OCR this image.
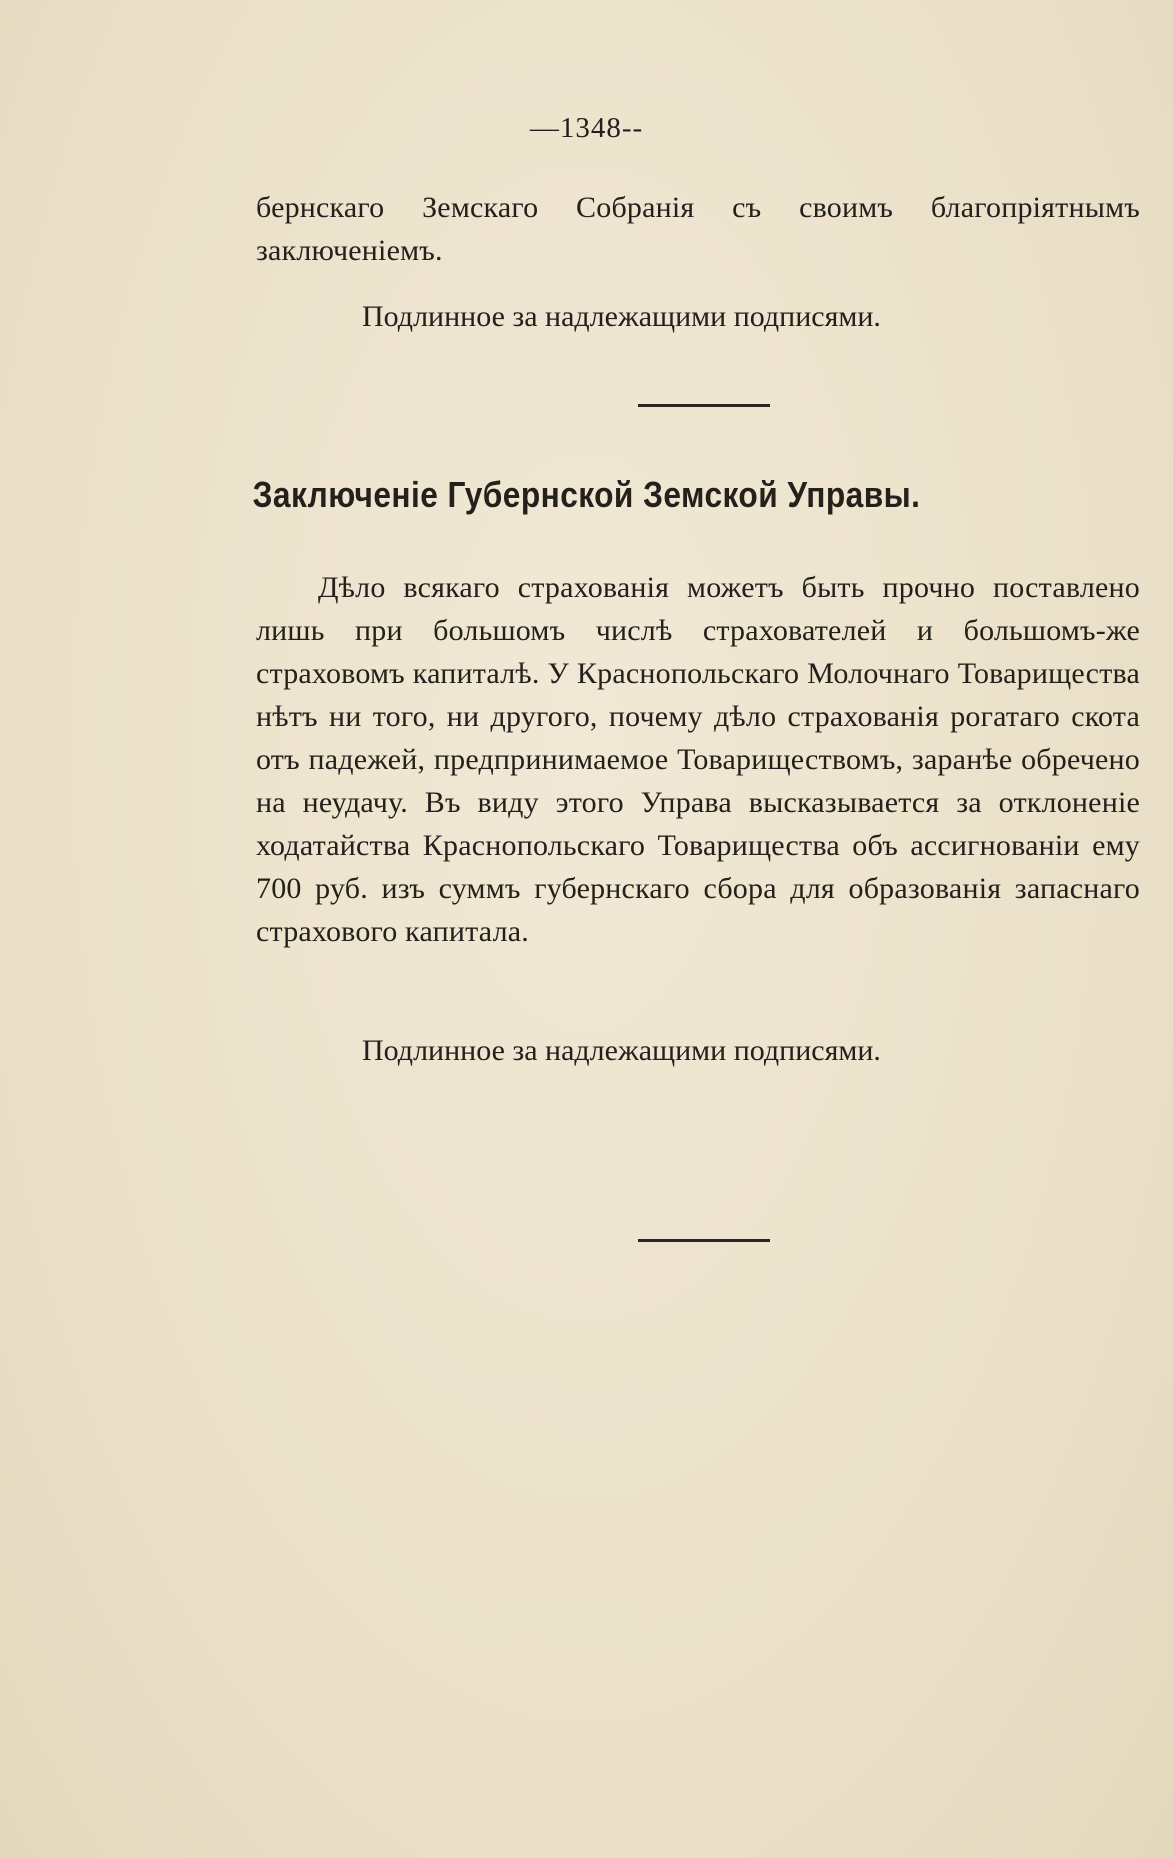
—1348--

бернскаго Земскаго Собранія съ своимъ благопріятнымъ заключеніемъ.

Подлинное за надлежащими подписями.
Заключеніе Губернской Земской Управы.

Дѣло всякаго страхованія можетъ быть прочно поставлено лишь при большомъ числѣ страхователей и большомъ-же страховомъ капиталѣ. У Краснопольскаго Молочнаго Товарищества нѣтъ ни того, ни другого, почему дѣло страхованія рогатаго скота отъ падежей, предпринимаемое Товариществомъ, заранѣе обречено на неудачу. Въ виду этого Управа высказывается за отклоненіе ходатайства Краснопольскаго Товарищества объ ассигнованіи ему 700 руб. изъ суммъ губернскаго сбора для образованія запаснаго страхового капитала.

Подлинное за надлежащими подписями.
